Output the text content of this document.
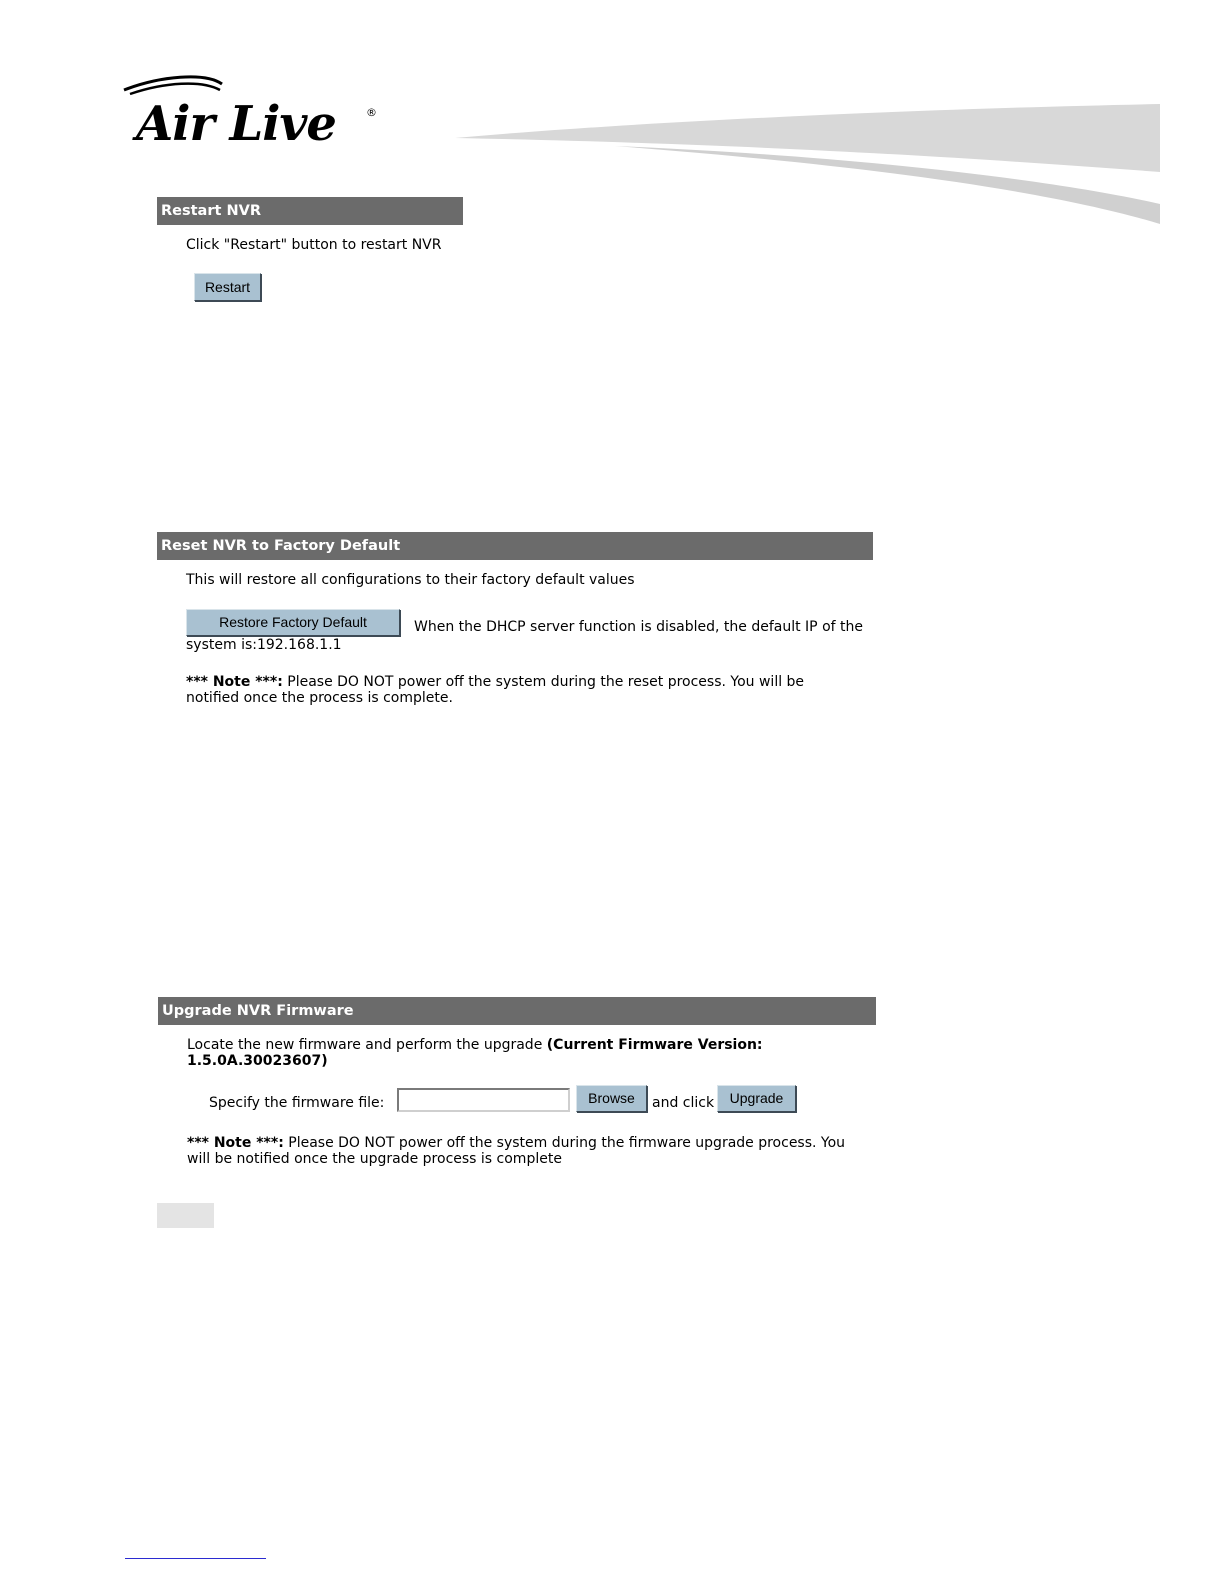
Air Live	®
Restart NVR
Click "Restart" button to restart NVR
Restart
Reset NVR to Factory Default
This will restore all configurations to their factory default values
Restore Factory Default	When the DHCP server function is disabled, the default IP of the
system is:192.168.1.1
*** Note ***: Please DO NOT power off the system during the reset process. You will be
notified once the process is complete.
Upgrade NVR Firmware
Locate the new firmware and perform the upgrade (Current Firmware Version:
1.5.0A.30023607)
Specify the firmware file:	Browse	and click	Upgrade
*** Note ***: Please DO NOT power off the system during the firmware upgrade process. You
will be notified once the upgrade process is complete
